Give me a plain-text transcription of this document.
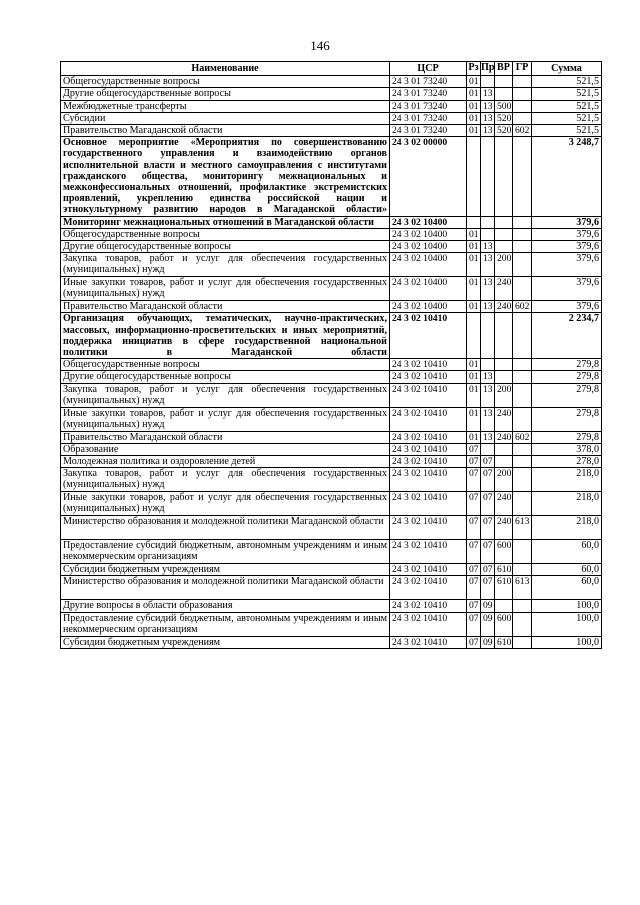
146
Наименование	ЦСР	Рз	Пр	ВР	ГР	Сумма
Общегосударственные вопросы	24 3 01 73240	01				521,5
Другие общегосударственные вопросы	24 3 01 73240	01	13			521,5
Межбюджетные трансферты	24 3 01 73240	01	13	500		521,5
Субсидии	24 3 01 73240	01	13	520		521,5
Правительство Магаданской области	24 3 01 73240	01	13	520	602	521,5
Основное мероприятие «Мероприятия по совершенствованию государственного управления и взаимодействию органов исполнительной власти и местного самоуправления с институтами гражданского общества, мониторингу межнациональных и межконфессиональных отношений, профилактике экстремистских проявлений, укреплению единства российской нации и этнокультурному развитию народов в Магаданской области»	24 3 02 00000					3 248,7
Мониторинг межнациональных отношений в Магаданской области	24 3 02 10400					379,6
Общегосударственные вопросы	24 3 02 10400	01				379,6
Другие общегосударственные вопросы	24 3 02 10400	01	13			379,6
Закупка товаров, работ и услуг для обеспечения государственных (муниципальных) нужд	24 3 02 10400	01	13	200		379,6
Иные закупки товаров, работ и услуг для обеспечения государственных (муниципальных) нужд	24 3 02 10400	01	13	240		379,6
Правительство Магаданской области	24 3 02 10400	01	13	240	602	379,6
Организация обучающих, тематических, научно-практических, массовых, информационно-просветительских и иных мероприятий, поддержка инициатив в сфере государственной национальной политики в Магаданской области	24 3 02 10410					2 234,7
Общегосударственные вопросы	24 3 02 10410	01				279,8
Другие общегосударственные вопросы	24 3 02 10410	01	13			279,8
Закупка товаров, работ и услуг для обеспечения государственных (муниципальных) нужд	24 3 02 10410	01	13	200		279,8
Иные закупки товаров, работ и услуг для обеспечения государственных (муниципальных) нужд	24 3 02 10410	01	13	240		279,8
Правительство Магаданской области	24 3 02 10410	01	13	240	602	279,8
Образование	24 3 02 10410	07				378,0
Молодежная политика и оздоровление детей	24 3 02 10410	07	07			278,0
Закупка товаров, работ и услуг для обеспечения государственных (муниципальных) нужд	24 3 02 10410	07	07	200		218,0
Иные закупки товаров, работ и услуг для обеспечения государственных (муниципальных) нужд	24 3 02 10410	07	07	240		218,0
Министерство образования и молодежной политики Магаданской области	24 3 02 10410	07	07	240	613	218,0
Предоставление субсидий бюджетным, автономным учреждениям и иным некоммерческим организациям	24 3 02 10410	07	07	600		60,0
Субсидии бюджетным учреждениям	24 3 02 10410	07	07	610		60,0
Министерство образования и молодежной политики Магаданской области	24 3 02 10410	07	07	610	613	60,0
Другие вопросы в области образования	24 3 02 10410	07	09			100,0
Предоставление субсидий бюджетным, автономным учреждениям и иным некоммерческим организациям	24 3 02 10410	07	09	600		100,0
Субсидии бюджетным учреждениям	24 3 02 10410	07	09	610		100,0
